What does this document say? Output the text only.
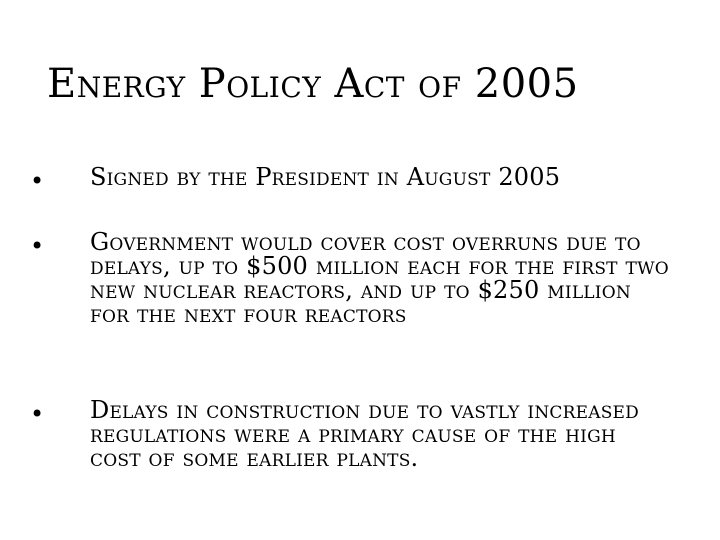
Energy Policy Act of 2005
• Signed by the President in August 2005
• Government would cover cost overruns due to delays, up to $500 million each for the first two new nuclear reactors, and up to $250 million for the next four reactors
• Delays in construction due to vastly increased regulations were a primary cause of the high cost of some earlier plants.
